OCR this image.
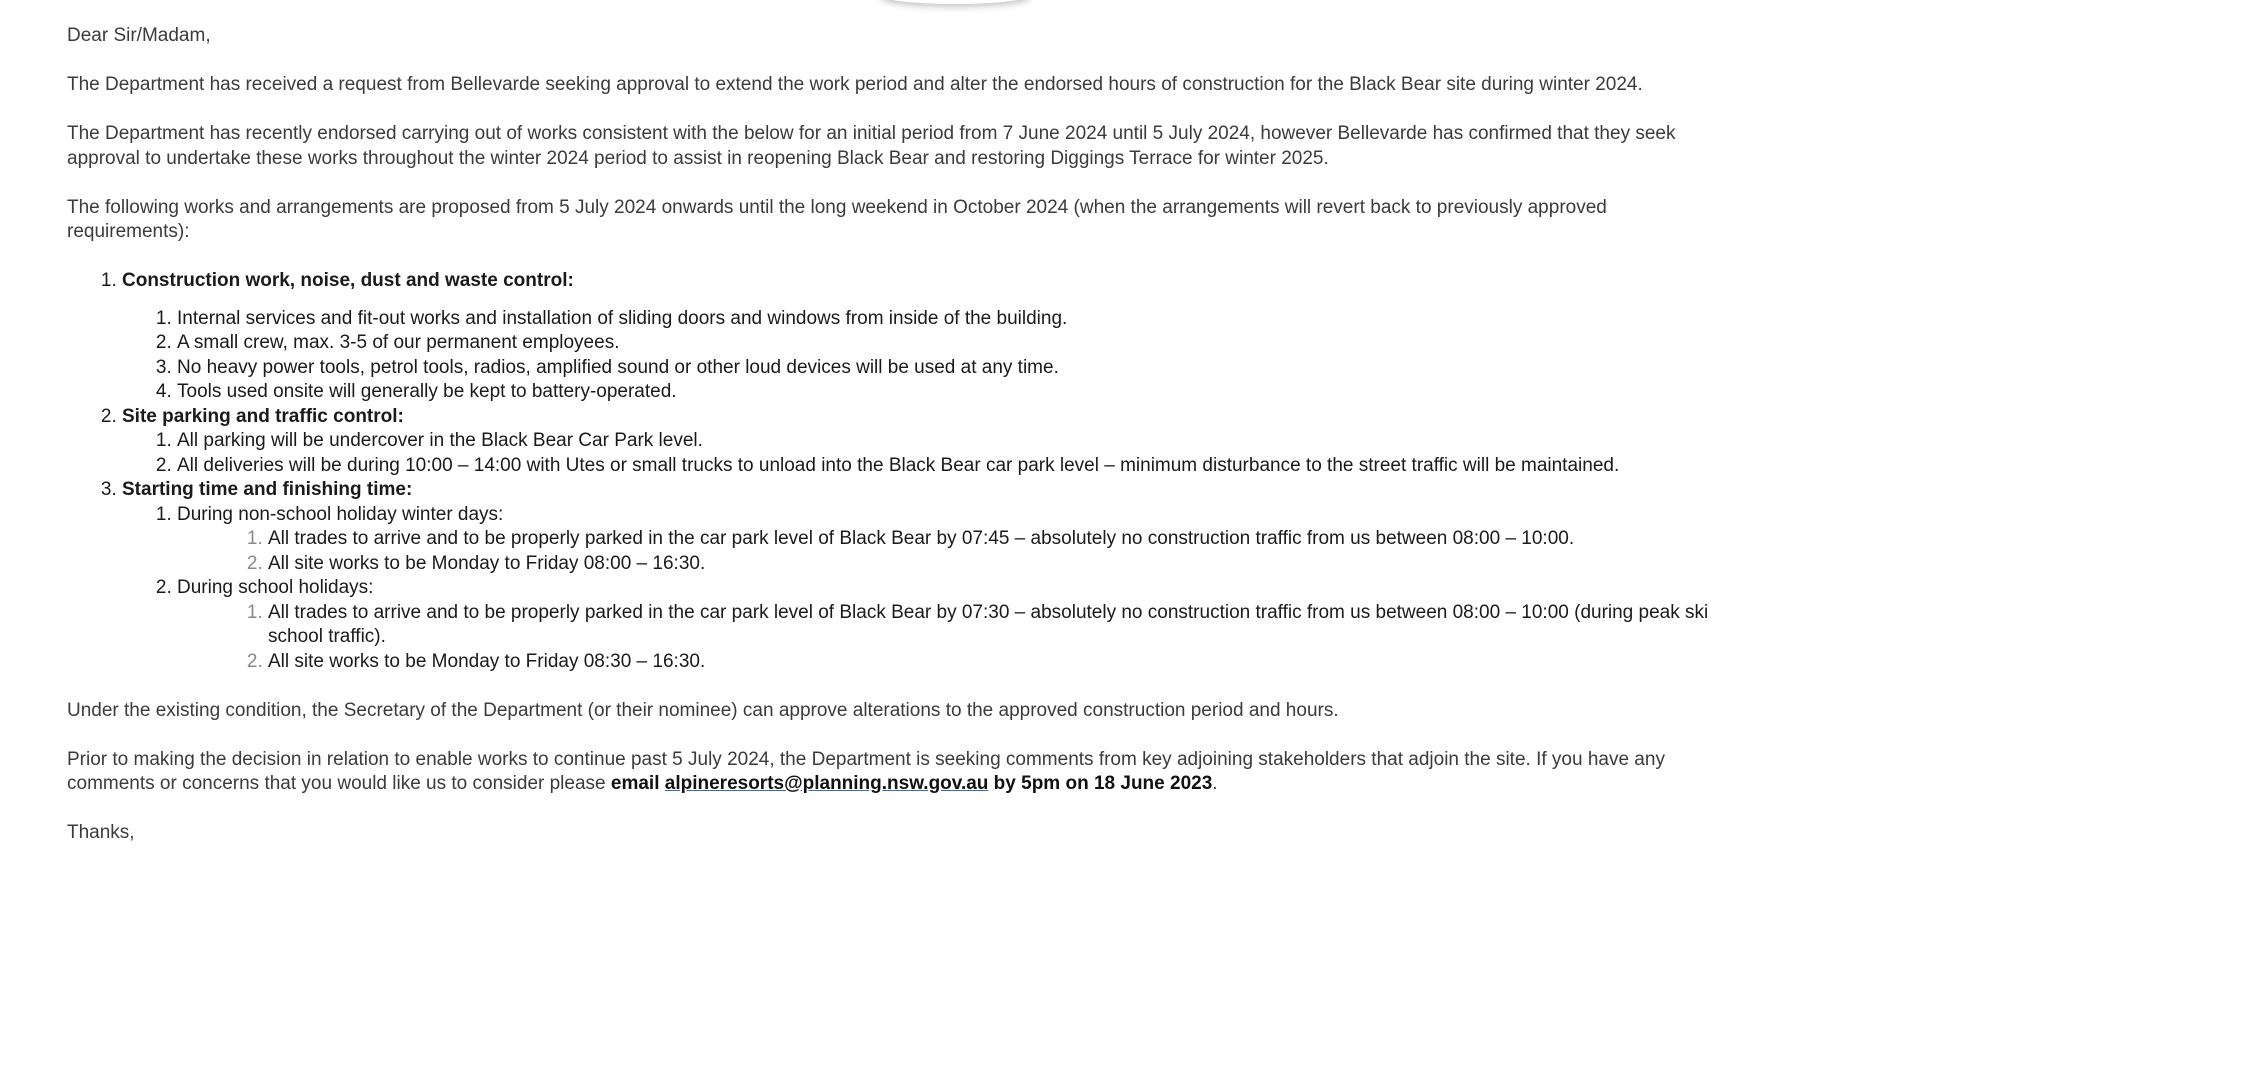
Dear Sir/Madam,

The Department has received a request from Bellevarde seeking approval to extend the work period and alter the endorsed hours of construction for the Black Bear site during winter 2024.

The Department has recently endorsed carrying out of works consistent with the below for an initial period from 7 June 2024 until 5 July 2024, however Bellevarde has confirmed that they seek approval to undertake these works throughout the winter 2024 period to assist in reopening Black Bear and restoring Diggings Terrace for winter 2025.

The following works and arrangements are proposed from 5 July 2024 onwards until the long weekend in October 2024 (when the arrangements will revert back to previously approved requirements):

1. Construction work, noise, dust and waste control:
1. Internal services and fit-out works and installation of sliding doors and windows from inside of the building.
2. A small crew, max. 3-5 of our permanent employees.
3. No heavy power tools, petrol tools, radios, amplified sound or other loud devices will be used at any time.
4. Tools used onsite will generally be kept to battery-operated.
2. Site parking and traffic control:
1. All parking will be undercover in the Black Bear Car Park level.
2. All deliveries will be during 10:00 – 14:00 with Utes or small trucks to unload into the Black Bear car park level – minimum disturbance to the street traffic will be maintained.
3. Starting time and finishing time:
1. During non-school holiday winter days:
1. All trades to arrive and to be properly parked in the car park level of Black Bear by 07:45 – absolutely no construction traffic from us between 08:00 – 10:00.
2. All site works to be Monday to Friday 08:00 – 16:30.
2. During school holidays:
1. All trades to arrive and to be properly parked in the car park level of Black Bear by 07:30 – absolutely no construction traffic from us between 08:00 – 10:00 (during peak ski school traffic).
2. All site works to be Monday to Friday 08:30 – 16:30.

Under the existing condition, the Secretary of the Department (or their nominee) can approve alterations to the approved construction period and hours.

Prior to making the decision in relation to enable works to continue past 5 July 2024, the Department is seeking comments from key adjoining stakeholders that adjoin the site. If you have any comments or concerns that you would like us to consider please email alpineresorts@planning.nsw.gov.au by 5pm on 18 June 2023.

Thanks,
